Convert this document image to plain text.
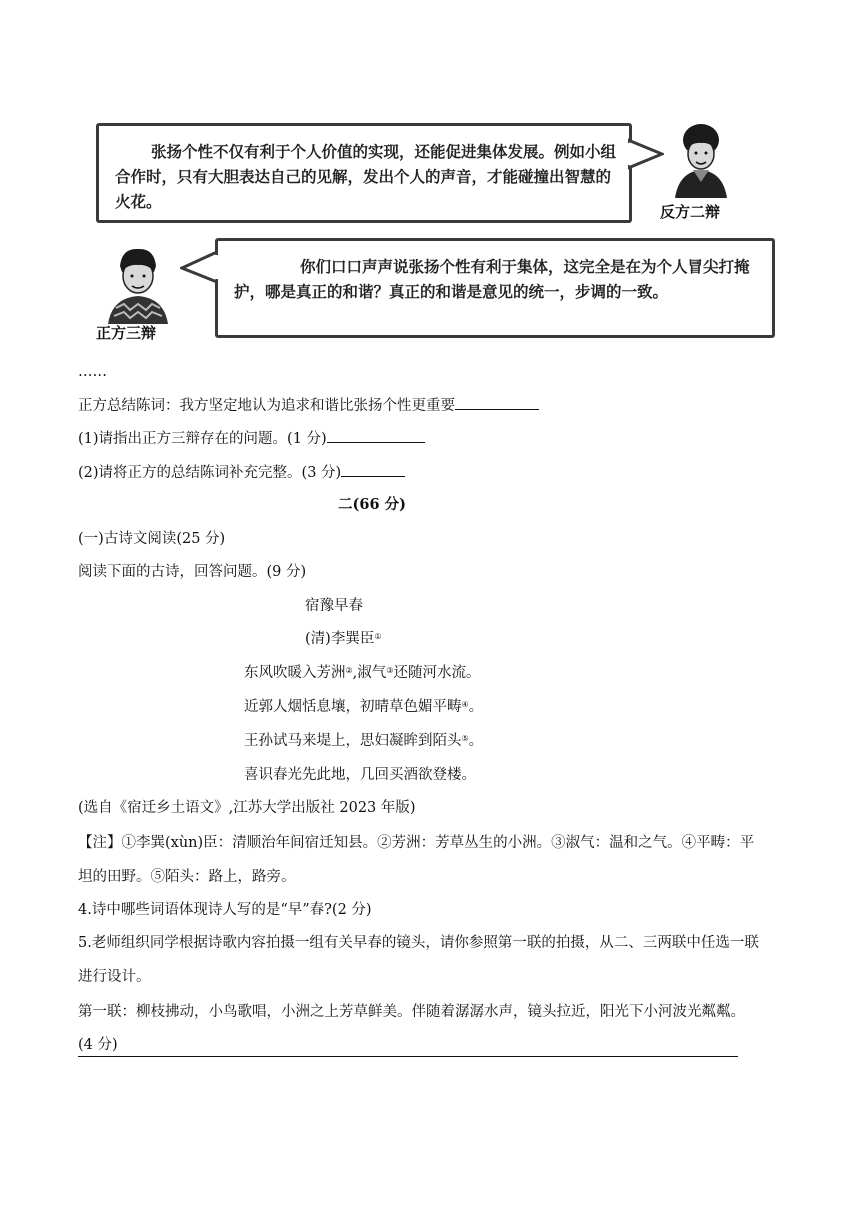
张扬个性不仅有利于个人价值的实现，还能促进集体发展。例如小组合作时，只有大胆表达自己的见解，发出个人的声音，才能碰撞出智慧的火花。
反方二辩
你们口口声声说张扬个性有利于集体，这完全是在为个人冒尖打掩护，哪是真正的和谐？真正的和谐是意见的统一，步调的一致。
正方三辩
……
正方总结陈词：我方坚定地认为追求和谐比张扬个性更重要
(1)请指出正方三辩存在的问题。(1 分)
(2)请将正方的总结陈词补充完整。(3 分)
二(66 分)
(一)古诗文阅读(25 分)
阅读下面的古诗，回答问题。(9 分)
宿豫早春
(清)李巽臣①
东风吹暖入芳洲②,淑气③还随河水流。
近郭人烟恬息壤，初晴草色媚平畴④。
王孙试马来堤上，思妇凝眸到陌头⑤。
喜识春光先此地，几回买酒欲登楼。
(选自《宿迁乡土语文》,江苏大学出版社 2023 年版)
【注】①李巽(xùn)臣：清顺治年间宿迁知县。②芳洲：芳草丛生的小洲。③淑气：温和之气。④平畴：平
坦的田野。⑤陌头：路上，路旁。
4.诗中哪些词语体现诗人写的是“早”春?(2 分)
5.老师组织同学根据诗歌内容拍摄一组有关早春的镜头，请你参照第一联的拍摄，从二、三两联中任选一联
进行设计。
第一联：柳枝拂动，小鸟歌唱，小洲之上芳草鲜美。伴随着潺潺水声，镜头拉近，阳光下小河波光粼粼。
(4 分)
